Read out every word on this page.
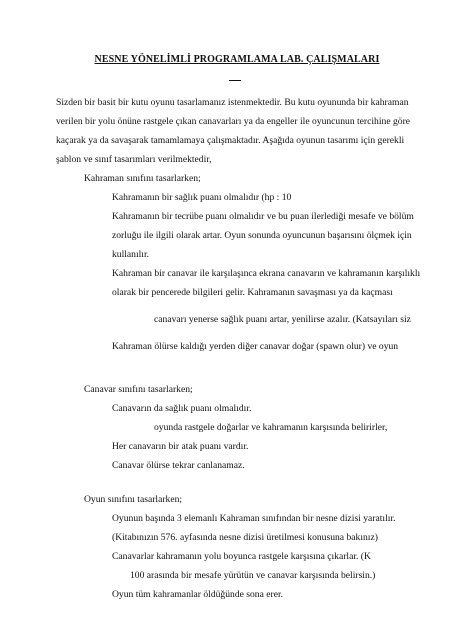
NESNE YÖNELİMLİ PROGRAMLAMA LAB. ÇALIŞMALARI
Sizden bir basit bir kutu oyunu tasarlamanız istenmektedir. Bu kutu oyununda bir kahraman
verilen bir yolu önüne rastgele çıkan canavarları ya da engeller ile oyuncunun tercihine göre
kaçarak ya da savaşarak tamamlamaya çalışmaktadır. Aşağıda oyunun tasarımı için gerekli
şablon ve sınıf tasarımları verilmektedir,
Kahraman sınıfını tasarlarken;
Kahramanın bir sağlık puanı olmalıdır (hp : 10
Kahramanın bir tecrübe puanı olmalıdır ve bu puan ilerlediği mesafe ve bölüm
zorluğu ile ilgili olarak artar. Oyun sonunda oyuncunun başarısını ölçmek için
kullanılır.
Kahraman bir canavar ile karşılaşınca ekrana canavarın ve kahramanın karşılıklı
olarak bir pencerede bilgileri gelir. Kahramanın savaşması ya da kaçması
canavarı yenerse sağlık puanı artar, yenilirse azalır. (Katsayıları siz
Kahraman ölürse kaldığı yerden diğer canavar doğar (spawn olur) ve oyun
Canavar sınıfını tasarlarken;
Canavarın da sağlık puanı olmalıdır.
oyunda rastgele doğarlar ve kahramanın karşısında belirirler,
Her canavarın bir atak puanı vardır.
Canavar ölürse tekrar canlanamaz.
Oyun sınıfını tasarlarken;
Oyunun başında 3 elemanlı Kahraman sınıfından bir nesne dizisi yaratılır.
(Kitabınızın 576. ayfasında nesne dizisi üretilmesi konusuna bakınız)
Canavarlar kahramanın yolu boyunca rastgele karşısına çıkarlar. (K
100 arasında bir mesafe yürütün ve canavar karşısında belirsin.)
Oyun tüm kahramanlar öldüğünde sona erer.
